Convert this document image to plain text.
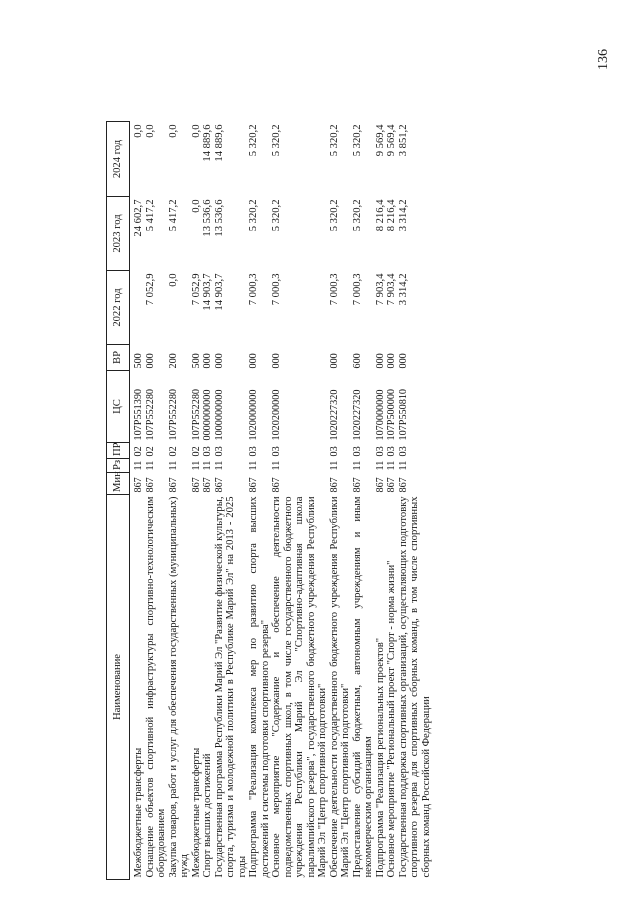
136
Наименование	Мин	Рз	ПР	ЦС	ВР	2022 год	2023 год	2024 год
Межбюджетные трансферты	867	11	02	107P551390	500		24 602,7	0,0
Оснащение объектов спортивной инфраструктуры спортивно-технологическим оборудованием	867	11	02	107P552280	000	7 052,9	5 417,2	0,0
Закупка товаров, работ и услуг для обеспечения государственных (муниципальных) нужд	867	11	02	107P552280	200	0,0	5 417,2	0,0
Межбюджетные трансферты	867	11	02	107P552280	500	7 052,9	0,0	0,0
Спорт высших достижений	867	11	03	0000000000	000	14 903,7	13 536,6	14 889,6
Государственная программа Республики Марий Эл "Развитие физической культуры, спорта, туризма и молодежной политики в Республике Марий Эл" на 2013 - 2025 годы	867	11	03	1000000000	000	14 903,7	13 536,6	14 889,6
Подпрограмма "Реализация комплекса мер по развитию спорта высших достижений и системы подготовки спортивного резерва"	867	11	03	1020000000	000	7 000,3	5 320,2	5 320,2
Основное мероприятие "Содержание и обеспечение деятельности подведомственных спортивных школ, в том числе государственного бюджетного учреждения Республики Марий Эл "Спортивно-адаптивная школа паралимпийского резерва", государственного бюджетного учреждения Республики Марий Эл "Центр спортивной подготовки"	867	11	03	1020200000	000	7 000,3	5 320,2	5 320,2
Обеспечение деятельности государственного бюджетного учреждения Республики Марий Эл "Центр спортивной подготовки"	867	11	03	1020227320	000	7 000,3	5 320,2	5 320,2
Предоставление субсидий бюджетным, автономным учреждениям и иным некоммерческим организациям	867	11	03	1020227320	600	7 000,3	5 320,2	5 320,2
Подпрограмма "Реализация региональных проектов"	867	11	03	1070000000	000	7 903,4	8 216,4	9 569,4
Основное мероприятие "Региональный проект "Спорт - норма жизни"	867	11	03	107P500000	000	7 903,4	8 216,4	9 569,4
Государственная поддержка спортивных организаций, осуществляющих подготовку спортивного резерва для спортивных сборных команд, в том числе спортивных сборных команд Российской Федерации	867	11	03	107P550810	000	3 314,2	3 314,2	3 851,2
